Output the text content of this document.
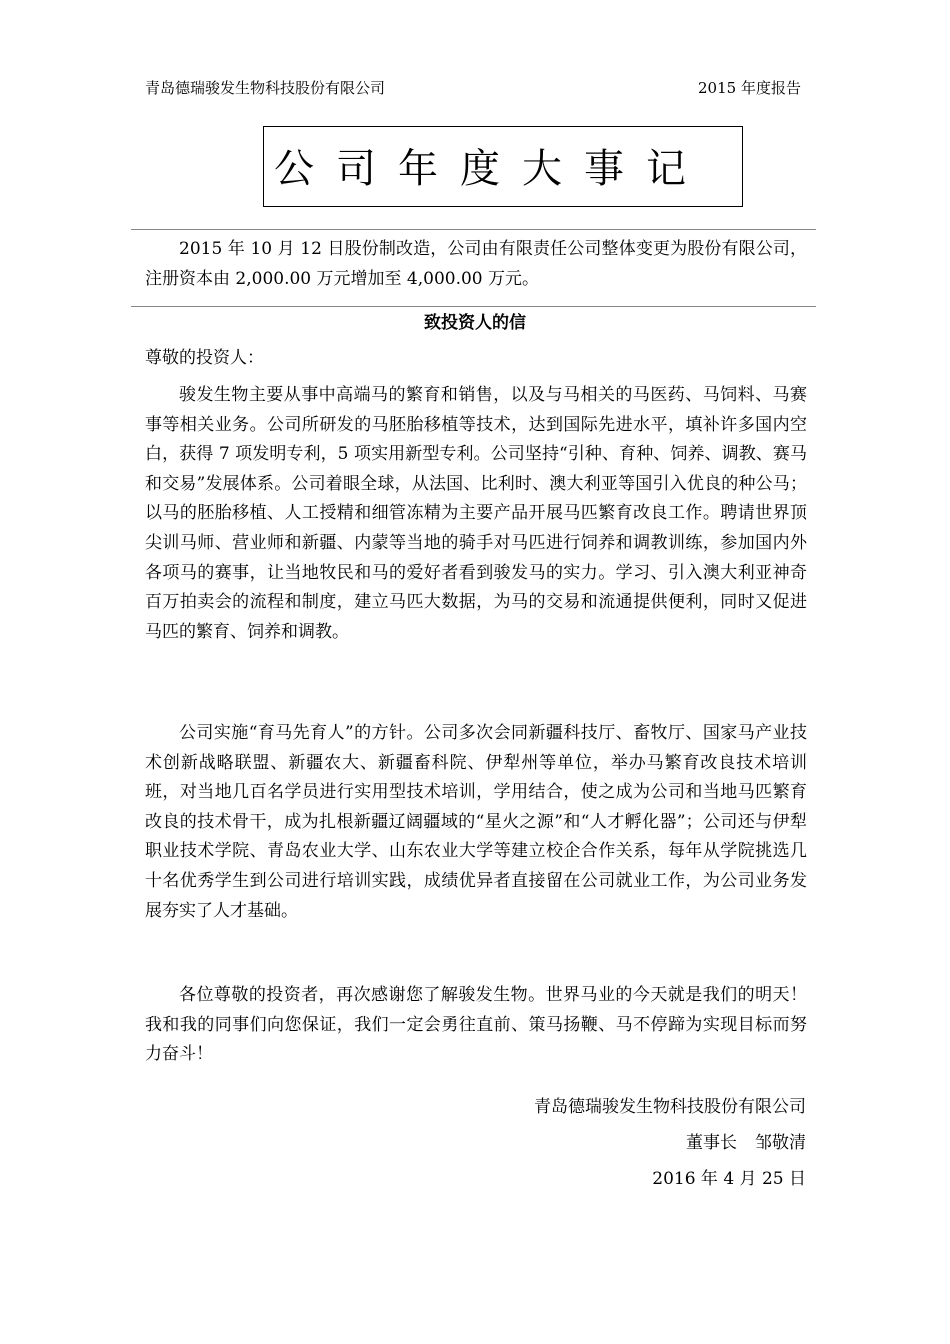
青岛德瑞骏发生物科技股份有限公司	2015 年度报告
公司年度大事记

2015 年 10 月 12 日股份制改造，公司由有限责任公司整体变更为股份有限公司，注册资本由 2,000.00 万元增加至 4,000.00 万元。

致投资人的信
尊敬的投资人：

骏发生物主要从事中高端马的繁育和销售，以及与马相关的马医药、马饲料、马赛事等相关业务。公司所研发的马胚胎移植等技术，达到国际先进水平，填补许多国内空白，获得 7 项发明专利，5 项实用新型专利。公司坚持“引种、育种、饲养、调教、赛马和交易”发展体系。公司着眼全球，从法国、比利时、澳大利亚等国引入优良的种公马；以马的胚胎移植、人工授精和细管冻精为主要产品开展马匹繁育改良工作。聘请世界顶尖训马师、营业师和新疆、内蒙等当地的骑手对马匹进行饲养和调教训练，参加国内外各项马的赛事，让当地牧民和马的爱好者看到骏发马的实力。学习、引入澳大利亚神奇百万拍卖会的流程和制度，建立马匹大数据，为马的交易和流通提供便利，同时又促进马匹的繁育、饲养和调教。

公司实施“育马先育人”的方针。公司多次会同新疆科技厅、畜牧厅、国家马产业技术创新战略联盟、新疆农大、新疆畜科院、伊犁州等单位，举办马繁育改良技术培训班，对当地几百名学员进行实用型技术培训，学用结合，使之成为公司和当地马匹繁育改良的技术骨干，成为扎根新疆辽阔疆域的“星火之源”和“人才孵化器”；公司还与伊犁职业技术学院、青岛农业大学、山东农业大学等建立校企合作关系，每年从学院挑选几十名优秀学生到公司进行培训实践，成绩优异者直接留在公司就业工作，为公司业务发展夯实了人才基础。

各位尊敬的投资者，再次感谢您了解骏发生物。世界马业的今天就是我们的明天！我和我的同事们向您保证，我们一定会勇往直前、策马扬鞭、马不停蹄为实现目标而努力奋斗！

青岛德瑞骏发生物科技股份有限公司
董事长 邹敬清
2016 年 4 月 25 日
